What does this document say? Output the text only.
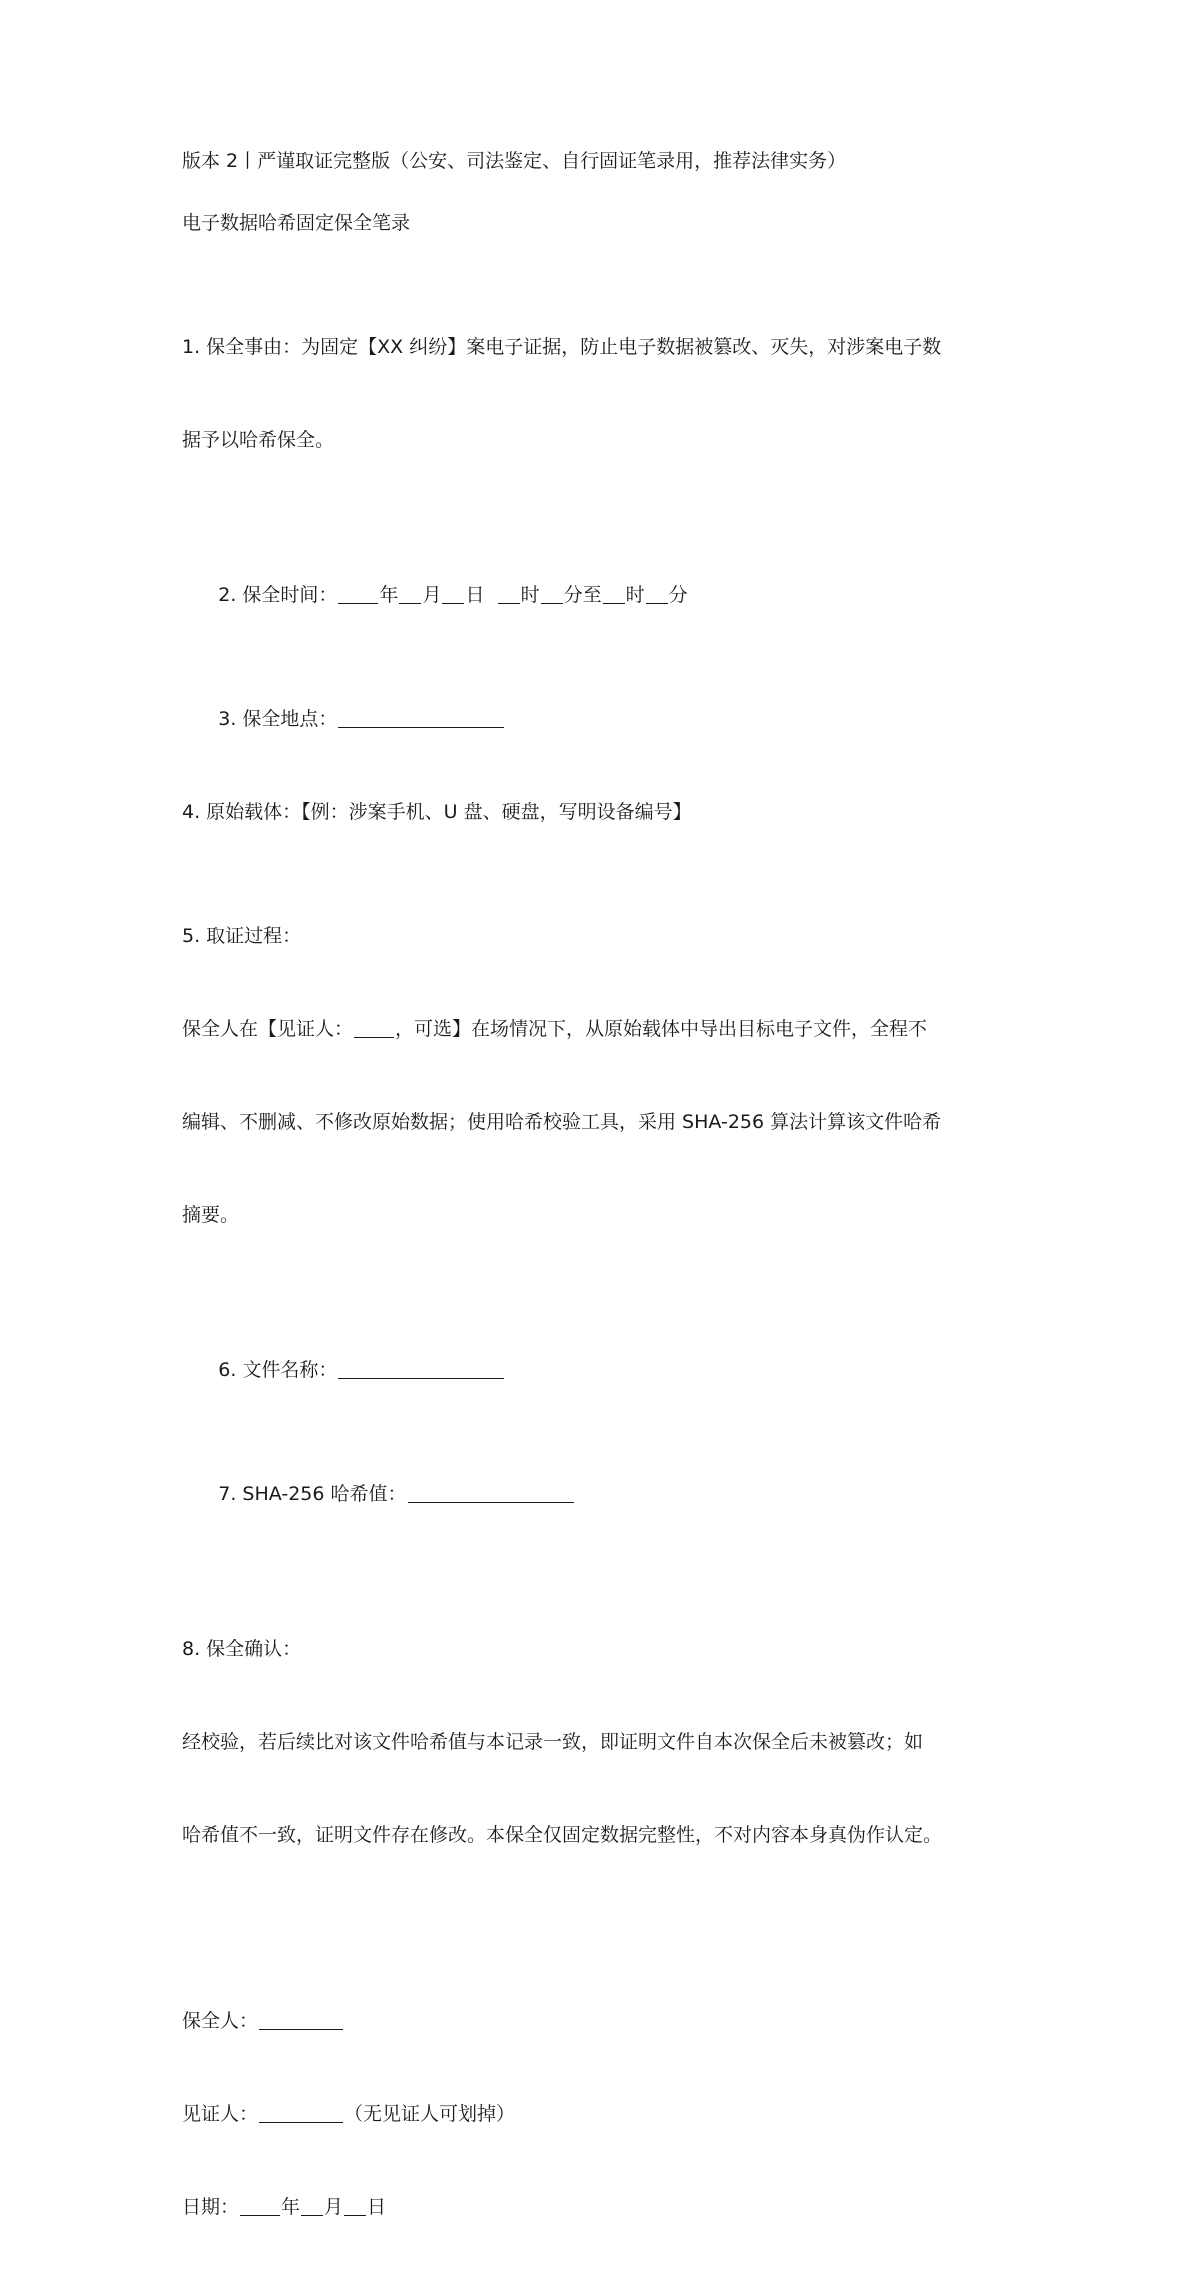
版本 2丨严谨取证完整版（公安、司法鉴定、自行固证笔录用，推荐法律实务）

电子数据哈希固定保全笔录

1. 保全事由：为固定【XX 纠纷】案电子证据，防止电子数据被篡改、灭失，对涉案电子数

据予以哈希保全。

2. 保全时间： 年 月 日 时 分至 时 分

3. 保全地点：

4. 原始载体：【例：涉案手机、U 盘、硬盘，写明设备编号】

5. 取证过程：

保全人在【见证人： ，可选】在场情况下，从原始载体中导出目标电子文件，全程不

编辑、不删减、不修改原始数据；使用哈希校验工具，采用 SHA-256 算法计算该文件哈希

摘要。

6. 文件名称：

7. SHA-256 哈希值：

8. 保全确认：

经校验，若后续比对该文件哈希值与本记录一致，即证明文件自本次保全后未被篡改；如

哈希值不一致，证明文件存在修改。本保全仅固定数据完整性，不对内容本身真伪作认定。

保全人：

见证人：	（无见证人可划掉）

日期： 年 月 日
